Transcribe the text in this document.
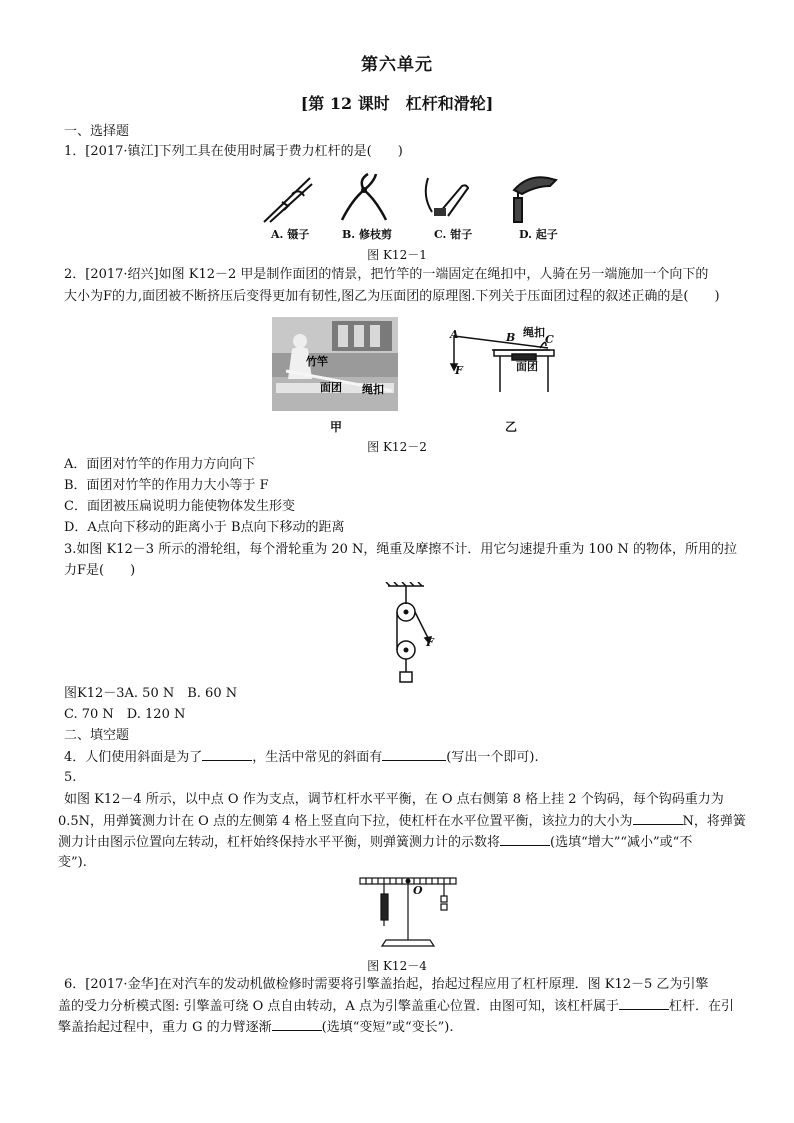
第六单元
[第 12 课时　杠杆和滑轮]
一、选择题
1．[2017·镇江]下列工具在使用时属于费力杠杆的是(　　)
A. 镊子	B. 修枝剪	C. 钳子	D. 起子
图 K12－1
2．[2017·绍兴]如图 K12－2 甲是制作面团的情景，把竹竿的一端固定在绳扣中，人骑在另一端施加一个向下的
大小为F的力,面团被不断挤压后变得更加有韧性,图乙为压面团的原理图.下列关于压面团过程的叙述正确的是(　　)
竹竿
面团 绳扣
A	B	C
F
绳扣
面团
甲	乙
图 K12－2
A．面团对竹竿的作用力方向向下
B．面团对竹竿的作用力大小等于 F
C．面团被压扁说明力能使物体发生形变
D．A点向下移动的距离小于 B点向下移动的距离
3.如图 K12－3 所示的滑轮组，每个滑轮重为 20 N，绳重及摩擦不计．用它匀速提升重为 100 N 的物体，所用的拉
力F是(　　)
F
图K12－3A. 50 N　B. 60 N
C. 70 N　D. 120 N
二、填空题
4．人们使用斜面是为了	，生活中常见的斜面有	(写出一个即可).
5.
如图 K12－4 所示，以中点 O 作为支点，调节杠杆水平平衡，在 O 点右侧第 8 格上挂 2 个钩码，每个钩码重力为
0.5N，用弹簧测力计在 O 点的左侧第 4 格上竖直向下拉，使杠杆在水平位置平衡，该拉力的大小为	N，将弹簧
测力计由图示位置向左转动，杠杆始终保持水平平衡，则弹簧测力计的示数将	(选填“增大”“减小”或“不
变”).
O
图 K12－4
6．[2017·金华]在对汽车的发动机做检修时需要将引擎盖抬起，抬起过程应用了杠杆原理．图 K12－5 乙为引擎
盖的受力分析模式图: 引擎盖可绕 O 点自由转动，A 点为引擎盖重心位置．由图可知，该杠杆属于	杠杆．在引
擎盖抬起过程中，重力 G 的力臂逐渐	(选填“变短”或“变长”).
